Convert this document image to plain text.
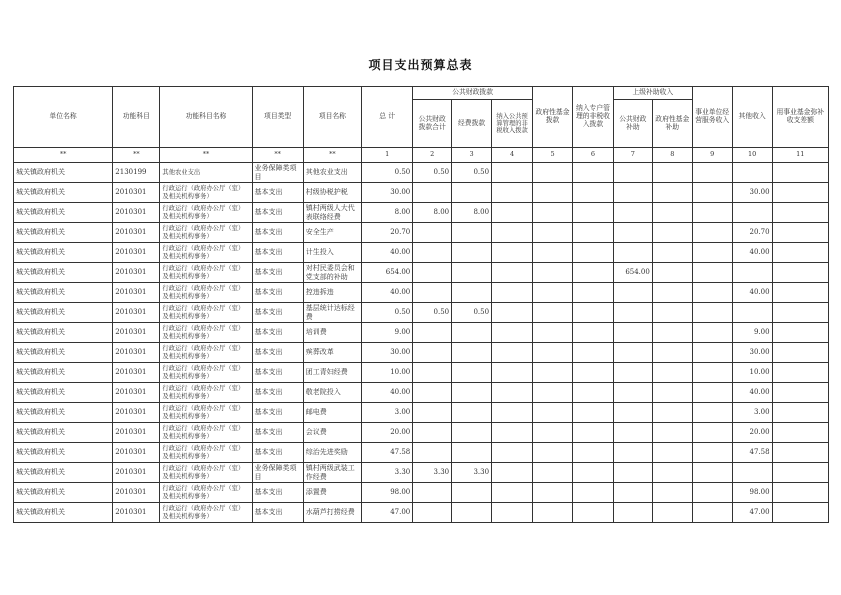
项目支出预算总表
单位名称	功能科目	功能科目名称	项目类型	项目名称	总 计	公共财政拨款			政府性基金拨款	纳入专户管理的非税收入拨款	上级补助收入		事业单位经营服务收入	其他收入	用事业基金弥补收支差额
						公共财政拨款合计	经费拨款	纳入公共预算管理的非税收入拨款			公共财政补助	政府性基金补助			
**	**	**	**	**	1	2	3	4	5	6	7	8	9	10	11
城关镇政府机关	2130199	其他农业支出	业务保障类项目	其他农业支出	0.50	0.50	0.50								
城关镇政府机关	2010301	行政运行（政府办公厅（室）及相关机构事务）	基本支出	村级协税护税	30.00									30.00	
城关镇政府机关	2010301	行政运行（政府办公厅（室）及相关机构事务）	基本支出	镇村两级人大代表联络经费	8.00	8.00	8.00								
城关镇政府机关	2010301	行政运行（政府办公厅（室）及相关机构事务）	基本支出	安全生产	20.70									20.70	
城关镇政府机关	2010301	行政运行（政府办公厅（室）及相关机构事务）	基本支出	计生投入	40.00									40.00	
城关镇政府机关	2010301	行政运行（政府办公厅（室）及相关机构事务）	基本支出	对村民委员会和党支部的补助	654.00						654.00				
城关镇政府机关	2010301	行政运行（政府办公厅（室）及相关机构事务）	基本支出	控违拆违	40.00									40.00	
城关镇政府机关	2010301	行政运行（政府办公厅（室）及相关机构事务）	基本支出	基层统计达标经费	0.50	0.50	0.50								
城关镇政府机关	2010301	行政运行（政府办公厅（室）及相关机构事务）	基本支出	培训费	9.00									9.00	
城关镇政府机关	2010301	行政运行（政府办公厅（室）及相关机构事务）	基本支出	殡葬改革	30.00									30.00	
城关镇政府机关	2010301	行政运行（政府办公厅（室）及相关机构事务）	基本支出	团工青妇经费	10.00									10.00	
城关镇政府机关	2010301	行政运行（政府办公厅（室）及相关机构事务）	基本支出	敬老院投入	40.00									40.00	
城关镇政府机关	2010301	行政运行（政府办公厅（室）及相关机构事务）	基本支出	邮电费	3.00									3.00	
城关镇政府机关	2010301	行政运行（政府办公厅（室）及相关机构事务）	基本支出	会议费	20.00									20.00	
城关镇政府机关	2010301	行政运行（政府办公厅（室）及相关机构事务）	基本支出	综治先进奖励	47.58									47.58	
城关镇政府机关	2010301	行政运行（政府办公厅（室）及相关机构事务）	业务保障类项目	镇村两级武装工作经费	3.30	3.30	3.30								
城关镇政府机关	2010301	行政运行（政府办公厅（室）及相关机构事务）	基本支出	添置费	98.00									98.00	
城关镇政府机关	2010301	行政运行（政府办公厅（室）及相关机构事务）	基本支出	水葫芦打捞经费	47.00									47.00	
